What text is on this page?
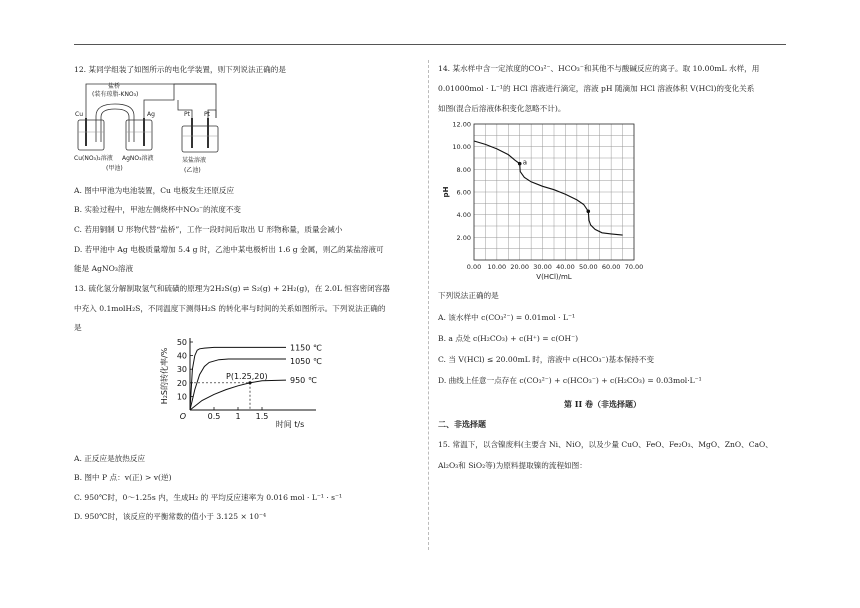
12. 某同学组装了如图所示的电化学装置，则下列说法正确的是

盐桥
(装有琼脂-KNO₃)
Cu	Ag	Pt Pt
Cu(NO₃)₂溶液 AgNO₃溶液
(甲池)
某盐溶液
(乙池)

A. 图中甲池为电池装置，Cu 电极发生还原反应

B. 实验过程中，甲池左侧烧杯中NO₃⁻的浓度不变

C. 若用铜制 U 形物代替“盐桥”，工作一段时间后取出 U 形物称量，质量会减小

D. 若甲池中 Ag 电极质量增加 5.4 g 时，乙池中某电极析出 1.6 g 金属，则乙的某盐溶液可

能是 AgNO₃溶液

13. 硫化氢分解制取氢气和硫磺的原理为2H₂S(g) ⇌ S₂(g) + 2H₂(g)，在 2.0L 恒容密闭容器

中充入 0.1molH₂S，不同温度下测得H₂S 的转化率与时间的关系如图所示。下列说法正确的

是

10
20
30
40
50
0.5 1 1.5
O
时间 t/s
H₂S的转化率/%	1150 ℃
1050 ℃
950 ℃
P(1.25,20)

A. 正反应是放热反应

B. 图中 P 点：v(正) > v(逆)

C. 950℃时，0～1.25s 内，生成H₂ 的 平均反应速率为 0.016 mol · L⁻¹ · s⁻¹

D. 950℃时，该反应的平衡常数的值小于 3.125 × 10⁻⁴

14. 某水样中含一定浓度的CO₃²⁻、HCO₃⁻和其他不与酸碱反应的离子。取 10.00mL 水样，用

0.01000mol · L⁻¹的 HCl 溶液进行滴定，溶液 pH 随滴加 HCl 溶液体积 V(HCl)的变化关系

如图(混合后溶液体积变化忽略不计)。

0.00 10.00 20.00 30.00 40.00 50.00 60.00 70.00
2.00
4.00
6.00
8.00
10.00
12.00
V(HCl)/mL
pH
a

下列说法正确的是

A. 该水样中 c(CO₃²⁻) = 0.01mol · L⁻¹

B. a 点处 c(H₂CO₃) + c(H⁺) = c(OH⁻)

C. 当 V(HCl) ≤ 20.00mL 时，溶液中 c(HCO₃⁻)基本保持不变

D. 曲线上任意一点存在 c(CO₃²⁻) + c(HCO₃⁻) + c(H₂CO₃) = 0.03mol·L⁻¹

第 II 卷（非选择题）

二、非选择题

15. 常温下，以含镍废料(主要含 Ni、NiO，以及少量 CuO、FeO、Fe₂O₃、MgO、ZnO、CaO、

Al₂O₃和 SiO₂等)为原料提取镍的流程如图：
